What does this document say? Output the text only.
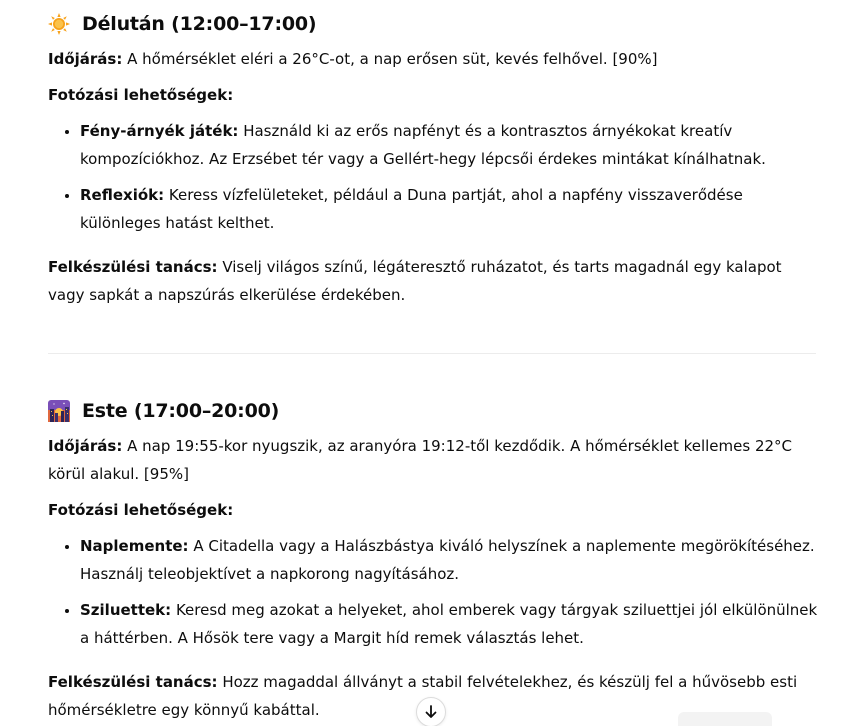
Délután (12:00–17:00)

Időjárás: A hőmérséklet eléri a 26°C-ot, a nap erősen süt, kevés felhővel. [90%]

Fotózási lehetőségek:

• Fény-árnyék játék: Használd ki az erős napfényt és a kontrasztos árnyékokat kreatív kompozíciókhoz. Az Erzsébet tér vagy a Gellért-hegy lépcsői érdekes mintákat kínálhatnak.
• Reflexiók: Keress vízfelületeket, például a Duna partját, ahol a napfény visszaverődése különleges hatást kelthet.

Felkészülési tanács: Viselj világos színű, légáteresztő ruházatot, és tarts magadnál egy kalapot vagy sapkát a napszúrás elkerülése érdekében.

Este (17:00–20:00)

Időjárás: A nap 19:55-kor nyugszik, az aranyóra 19:12-től kezdődik. A hőmérséklet kellemes 22°C körül alakul. [95%]

Fotózási lehetőségek:

• Naplemente: A Citadella vagy a Halászbástya kiváló helyszínek a naplemente megörökítéséhez. Használj teleobjektívet a napkorong nagyításához.
• Sziluettek: Keresd meg azokat a helyeket, ahol emberek vagy tárgyak sziluettjei jól elkülönülnek a háttérben. A Hősök tere vagy a Margit híd remek választás lehet.

Felkészülési tanács: Hozz magaddal állványt a stabil felvételekhez, és készülj fel a hűvösebb esti hőmérsékletre egy könnyű kabáttal.
